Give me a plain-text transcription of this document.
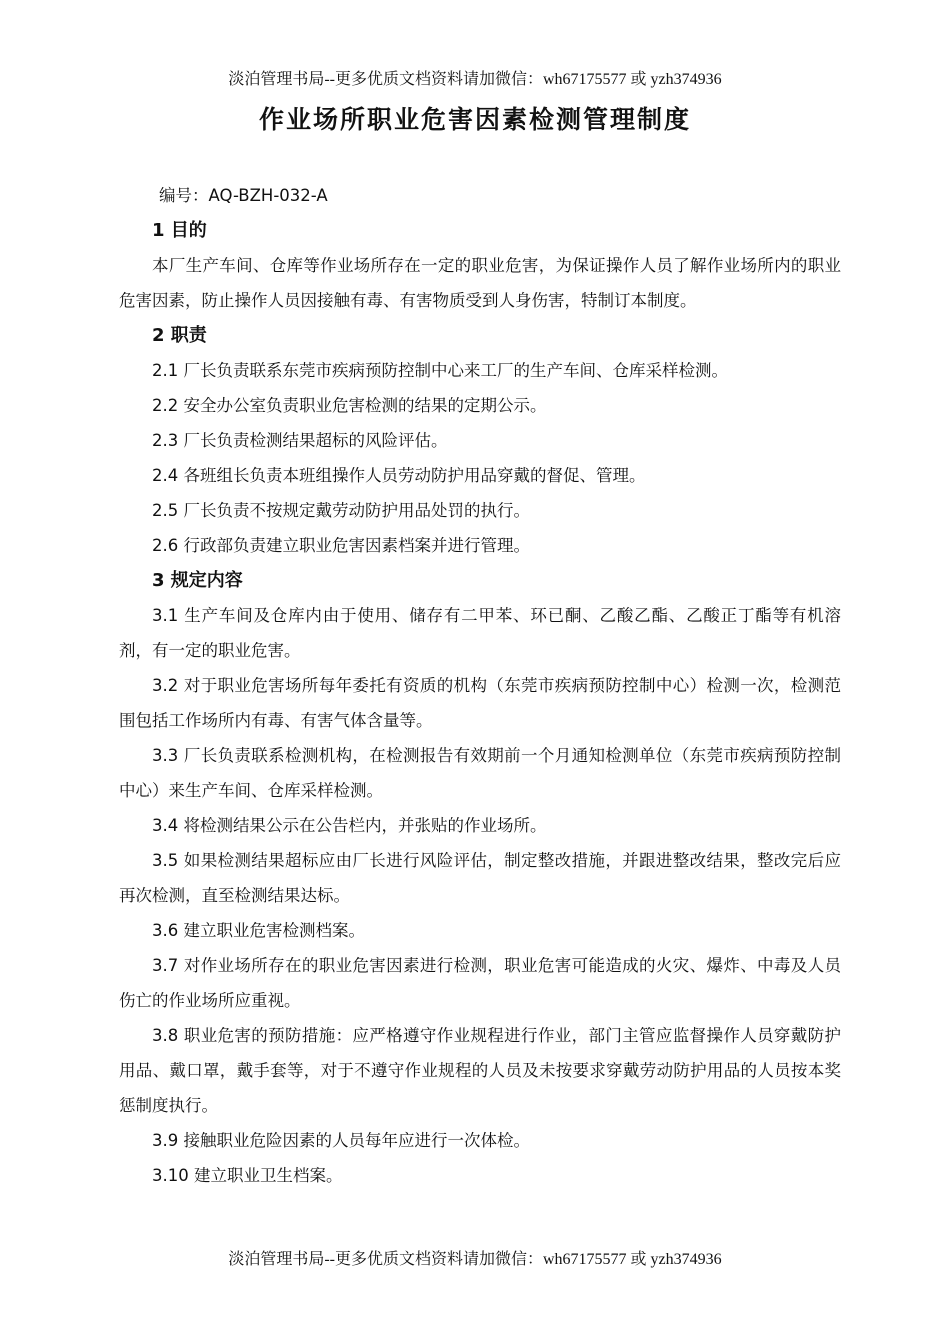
淡泊管理书局--更多优质文档资料请加微信：wh67175577 或 yzh374936
作业场所职业危害因素检测管理制度
编号：AQ-BZH-032-A
1 目的
本厂生产车间、仓库等作业场所存在一定的职业危害，为保证操作人员了解作业场所内的职业危害因素，防止操作人员因接触有毒、有害物质受到人身伤害，特制订本制度。
2 职责
2.1 厂长负责联系东莞市疾病预防控制中心来工厂的生产车间、仓库采样检测。
2.2 安全办公室负责职业危害检测的结果的定期公示。
2.3 厂长负责检测结果超标的风险评估。
2.4 各班组长负责本班组操作人员劳动防护用品穿戴的督促、管理。
2.5 厂长负责不按规定戴劳动防护用品处罚的执行。
2.6 行政部负责建立职业危害因素档案并进行管理。
3 规定内容
3.1 生产车间及仓库内由于使用、储存有二甲苯、环已酮、乙酸乙酯、乙酸正丁酯等有机溶剂，有一定的职业危害。
3.2 对于职业危害场所每年委托有资质的机构（东莞市疾病预防控制中心）检测一次，检测范围包括工作场所内有毒、有害气体含量等。
3.3 厂长负责联系检测机构，在检测报告有效期前一个月通知检测单位（东莞市疾病预防控制中心）来生产车间、仓库采样检测。
3.4 将检测结果公示在公告栏内，并张贴的作业场所。
3.5 如果检测结果超标应由厂长进行风险评估，制定整改措施，并跟进整改结果，整改完后应再次检测，直至检测结果达标。
3.6 建立职业危害检测档案。
3.7 对作业场所存在的职业危害因素进行检测，职业危害可能造成的火灾、爆炸、中毒及人员伤亡的作业场所应重视。
3.8 职业危害的预防措施：应严格遵守作业规程进行作业，部门主管应监督操作人员穿戴防护用品、戴口罩，戴手套等，对于不遵守作业规程的人员及未按要求穿戴劳动防护用品的人员按本奖惩制度执行。
3.9 接触职业危险因素的人员每年应进行一次体检。
3.10 建立职业卫生档案。
淡泊管理书局--更多优质文档资料请加微信：wh67175577 或 yzh374936
